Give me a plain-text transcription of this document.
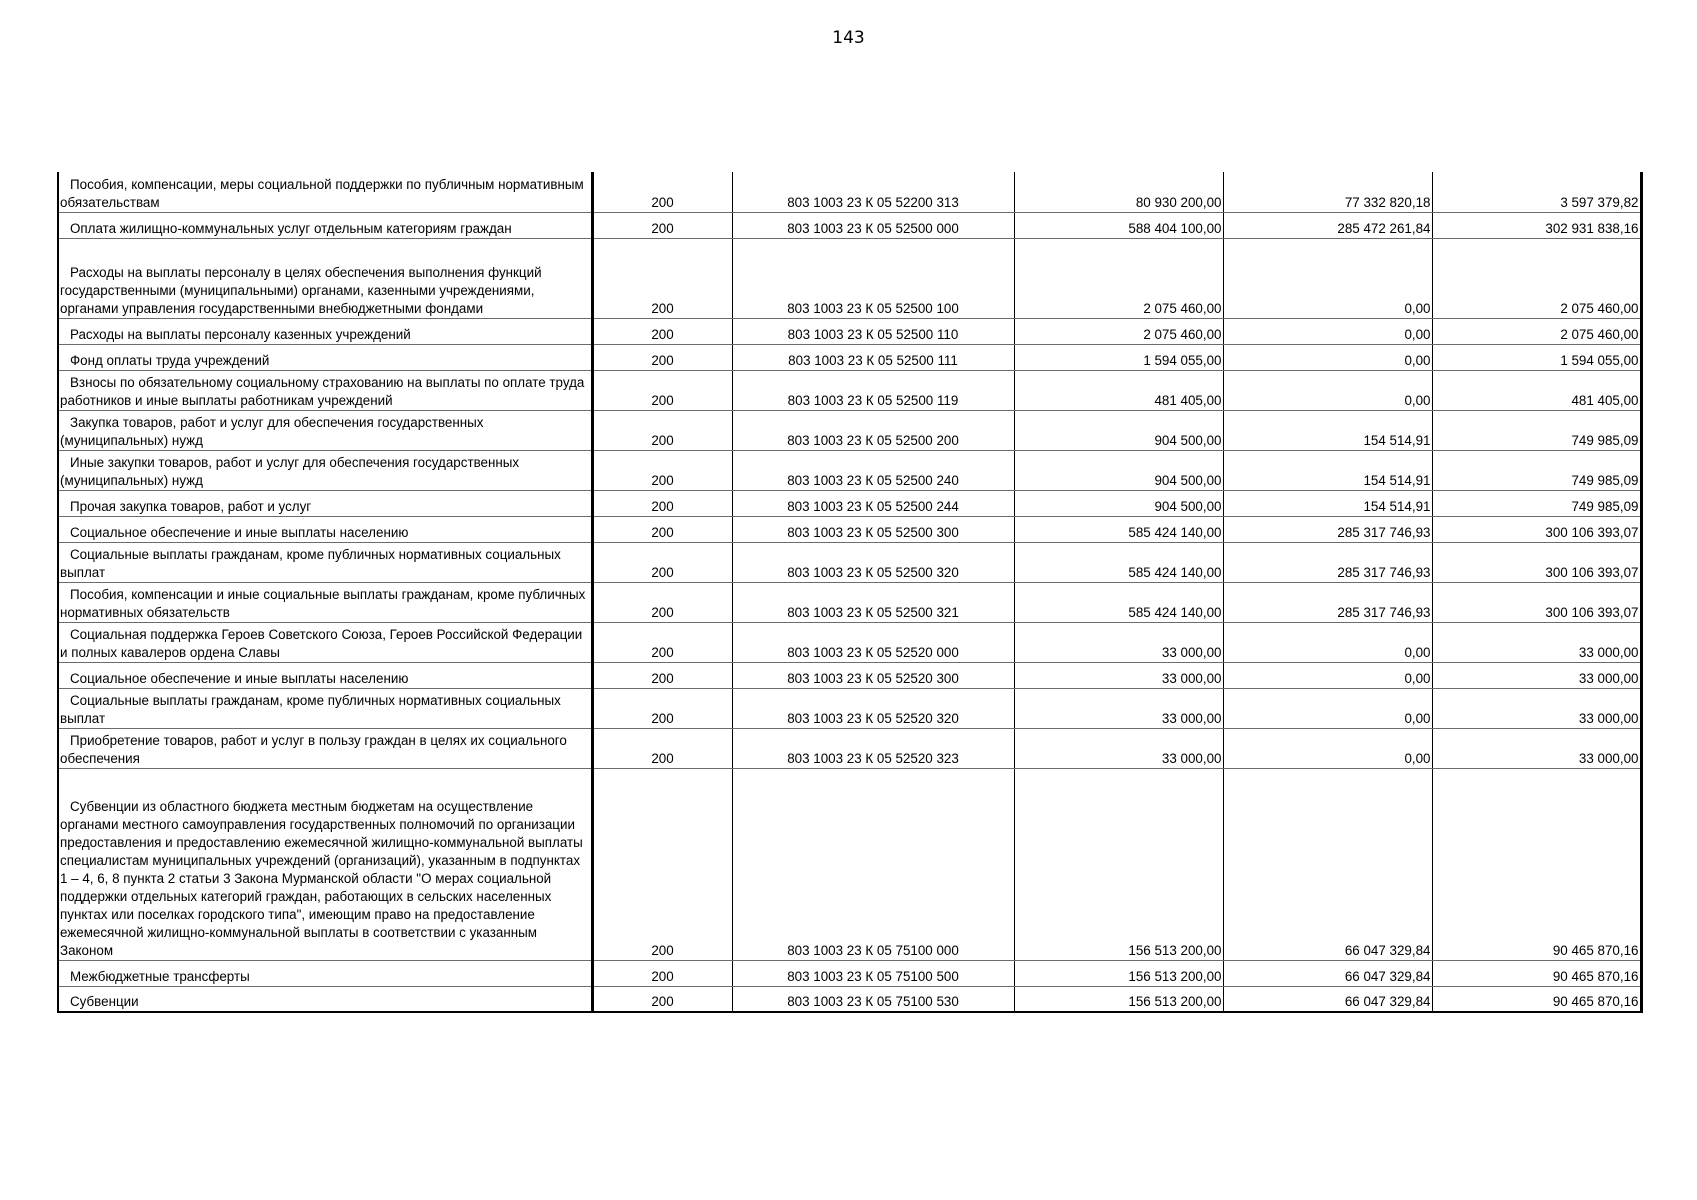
143
Пособия, компенсации, меры социальной поддержки по публичным нормативным обязательствам	200	803 1003 23 К 05 52200 313	80 930 200,00	77 332 820,18	3 597 379,82

Оплата жилищно-коммунальных услуг отдельным категориям граждан	200	803 1003 23 К 05 52500 000	588 404 100,00	285 472 261,84	302 931 838,16

Расходы на выплаты персоналу в целях обеспечения выполнения функций государственными (муниципальными) органами, казенными учреждениями, органами управления государственными внебюджетными фондами	200	803 1003 23 К 05 52500 100	2 075 460,00	0,00	2 075 460,00

Расходы на выплаты персоналу казенных учреждений	200	803 1003 23 К 05 52500 110	2 075 460,00	0,00	2 075 460,00

Фонд оплаты труда учреждений	200	803 1003 23 К 05 52500 111	1 594 055,00	0,00	1 594 055,00

Взносы по обязательному социальному страхованию на выплаты по оплате труда работников и иные выплаты работникам учреждений	200	803 1003 23 К 05 52500 119	481 405,00	0,00	481 405,00

Закупка товаров, работ и услуг для обеспечения государственных (муниципальных) нужд	200	803 1003 23 К 05 52500 200	904 500,00	154 514,91	749 985,09

Иные закупки товаров, работ и услуг для обеспечения государственных (муниципальных) нужд	200	803 1003 23 К 05 52500 240	904 500,00	154 514,91	749 985,09

Прочая закупка товаров, работ и услуг	200	803 1003 23 К 05 52500 244	904 500,00	154 514,91	749 985,09

Социальное обеспечение и иные выплаты населению	200	803 1003 23 К 05 52500 300	585 424 140,00	285 317 746,93	300 106 393,07

Социальные выплаты гражданам, кроме публичных нормативных социальных выплат	200	803 1003 23 К 05 52500 320	585 424 140,00	285 317 746,93	300 106 393,07

Пособия, компенсации и иные социальные выплаты гражданам, кроме публичных нормативных обязательств	200	803 1003 23 К 05 52500 321	585 424 140,00	285 317 746,93	300 106 393,07

Социальная поддержка Героев Советского Союза, Героев Российской Федерации и полных кавалеров ордена Славы	200	803 1003 23 К 05 52520 000	33 000,00	0,00	33 000,00

Социальное обеспечение и иные выплаты населению	200	803 1003 23 К 05 52520 300	33 000,00	0,00	33 000,00

Социальные выплаты гражданам, кроме публичных нормативных социальных выплат	200	803 1003 23 К 05 52520 320	33 000,00	0,00	33 000,00

Приобретение товаров, работ и услуг в пользу граждан в целях их социального обеспечения	200	803 1003 23 К 05 52520 323	33 000,00	0,00	33 000,00

Субвенции из областного бюджета местным бюджетам на осуществление органами местного самоуправления государственных полномочий по организации предоставления и предоставлению ежемесячной жилищно-коммунальной выплаты специалистам муниципальных учреждений (организаций), указанным в подпунктах 1 – 4, 6, 8 пункта 2 статьи 3 Закона Мурманской области "О мерах социальной поддержки отдельных категорий граждан, работающих в сельских населенных пунктах или поселках городского типа", имеющим право на предоставление ежемесячной жилищно-коммунальной выплаты в соответствии с указанным Законом	200	803 1003 23 К 05 75100 000	156 513 200,00	66 047 329,84	90 465 870,16

Межбюджетные трансферты	200	803 1003 23 К 05 75100 500	156 513 200,00	66 047 329,84	90 465 870,16

Субвенции	200	803 1003 23 К 05 75100 530	156 513 200,00	66 047 329,84	90 465 870,16
